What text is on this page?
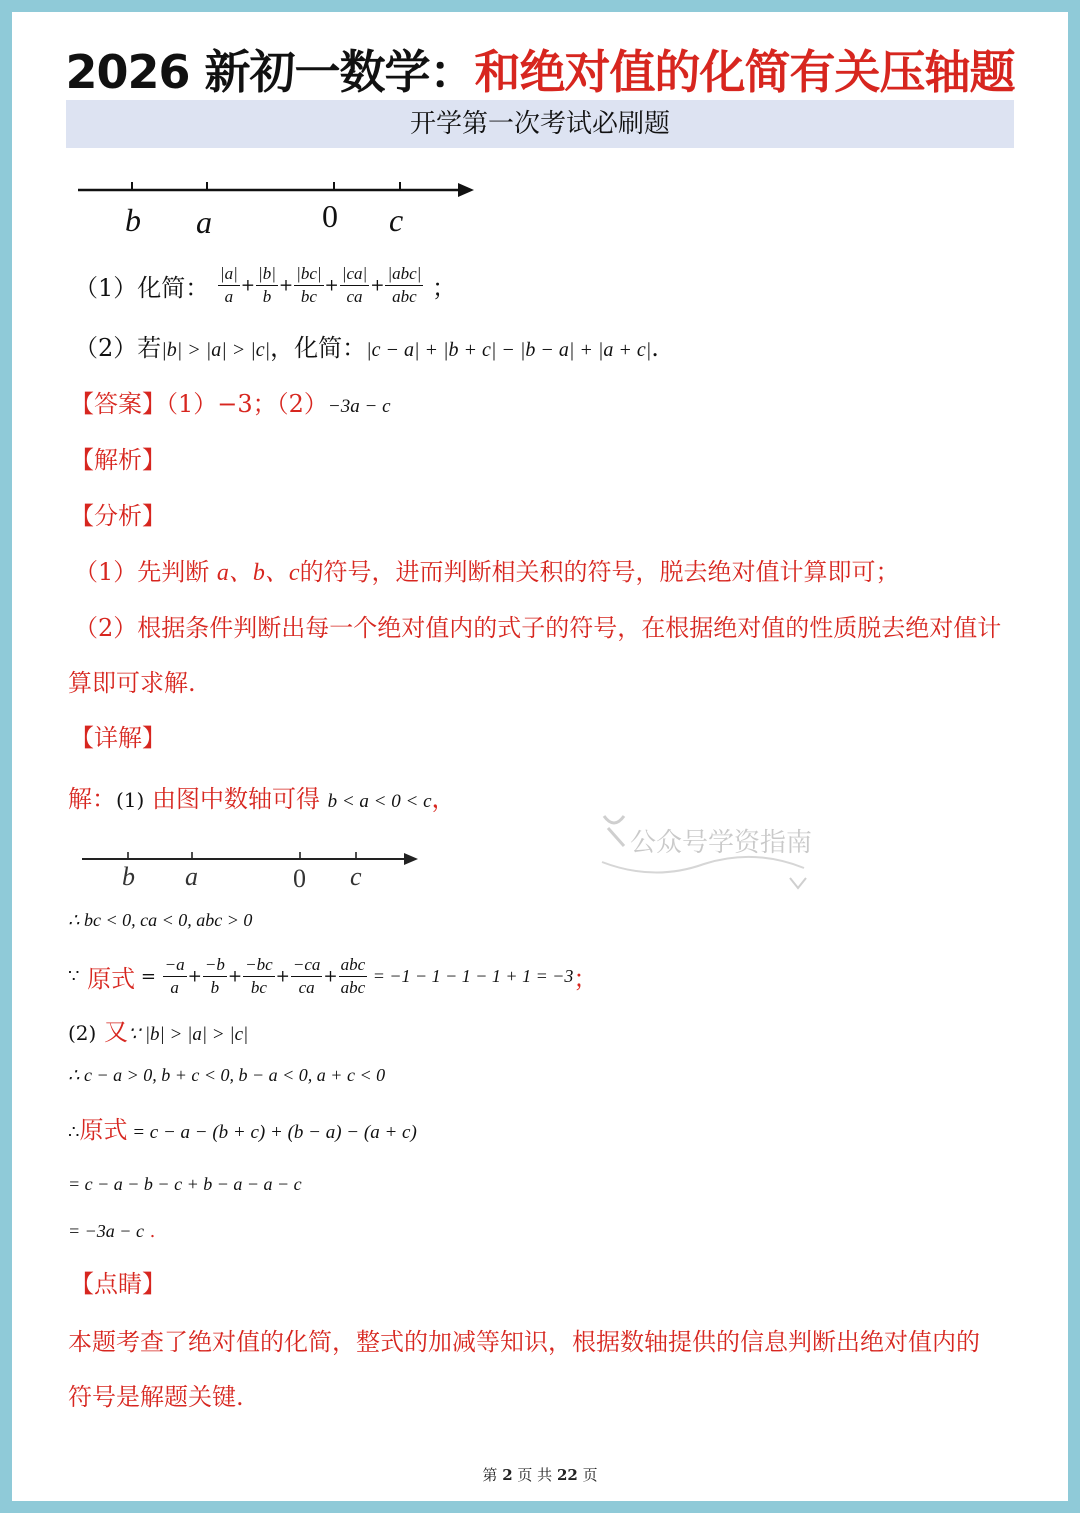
2026 新初一数学：和绝对值的化简有关压轴题
开学第一次考试必刷题
b a	0 c
（1）化简： $\frac{|a|}{a} + \frac{|b|}{b} + \frac{|bc|}{bc} + \frac{|ca|}{ca} + \frac{\text{|abc|}}{\text{abc}}$ ；
（2）若|b| > |a| > |c|，化简：|c − a| + |b + c| − |b − a| + |a + c|.
【答案】（1）−3；（2）−3a − c
【解析】
【分析】
（1）先判断 a、b、c的符号，进而判断相关积的符号，脱去绝对值计算即可；
（2）根据条件判断出每一个绝对值内的式子的符号，在根据绝对值的性质脱去绝对值计
算即可求解.
【详解】
解：(1) 由图中数轴可得 b < a < 0 < c，
公众号学资指南
b a	0 c
∴ bc < 0, ca < 0, abc > 0
∵ 原式 = $\frac{-a}{a} + \frac{-b}{b} + \frac{-bc}{bc} + \frac{-ca}{ca} + \frac{\text{abc}}{\text{abc}} = -1 - 1 - 1 - 1 + 1 = -3$；
(2) 又∵ |b| > |a| > |c|
∴ c − a > 0, b + c < 0, b − a < 0, a + c < 0
∴原式 = c − a − (b + c) + (b − a) − (a + c)
= c − a − b − c + b − a − a − c
= −3a − c .
【点睛】
本题考查了绝对值的化简，整式的加减等知识，根据数轴提供的信息判断出绝对值内的
符号是解题关键.
第 2 页 共 22 页
